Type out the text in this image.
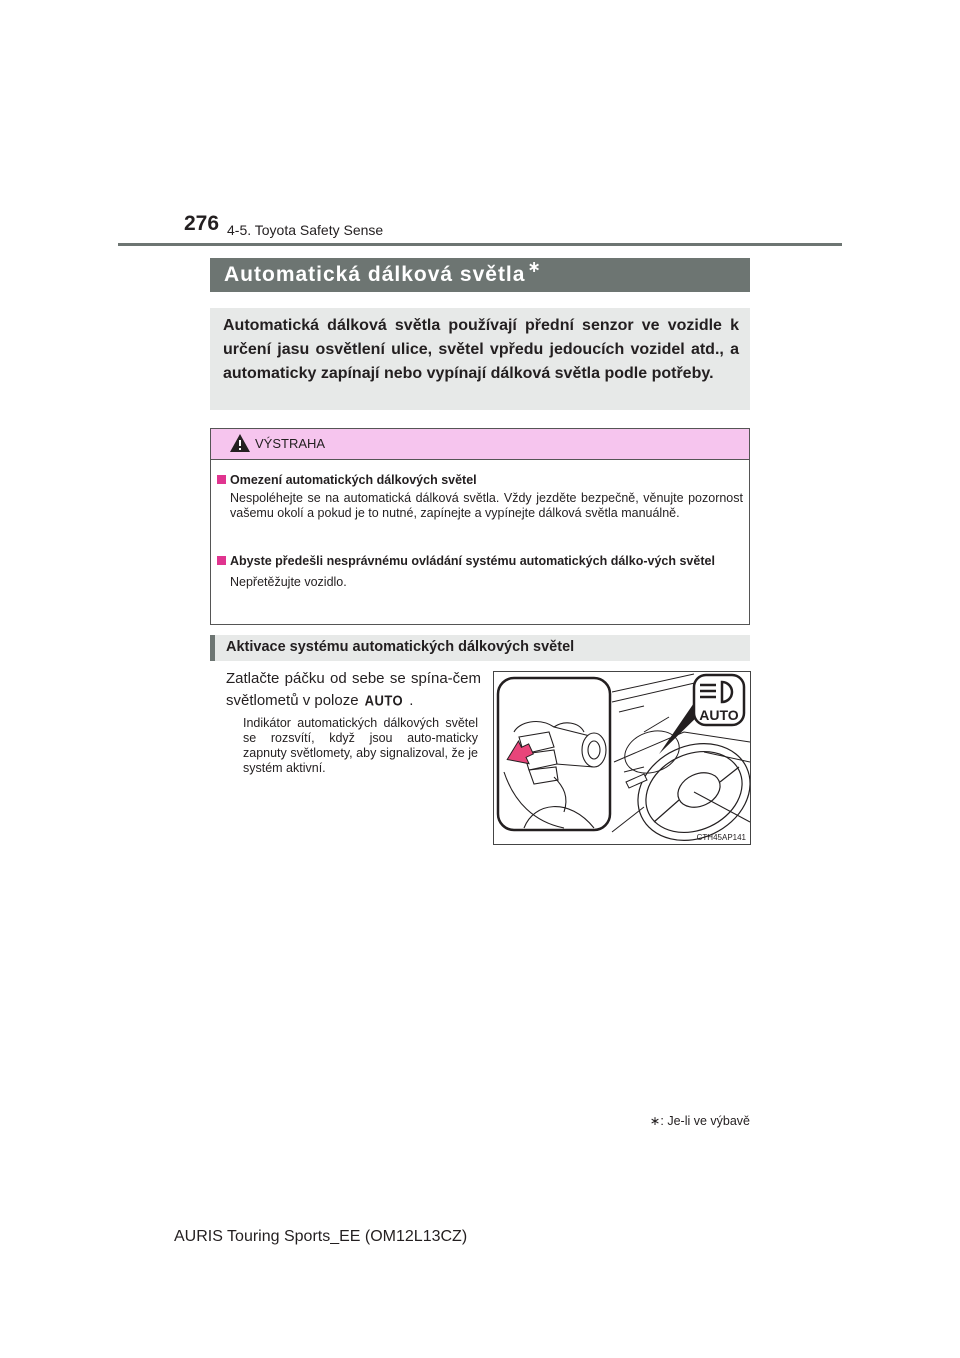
276 4-5. Toyota Safety Sense
Automatická dálková světla ∗
Automatická dálková světla používají přední senzor ve vozidle k určení jasu osvětlení ulice, světel vpředu jedoucích vozidel atd., a automaticky zapínají nebo vypínají dálková světla podle potřeby.
VÝSTRAHA
Omezení automatických dálkových světel
Nespoléhejte se na automatická dálková světla. Vždy jezděte bezpečně, věnujte pozornost vašemu okolí a pokud je to nutné, zapínejte a vypínejte dálková světla manuálně.
Abyste předešli nesprávnému ovládání systému automatických dálko-vých světel
Nepřetěžujte vozidlo.
Aktivace systému automatických dálkových světel
Zatlačte páčku od sebe se spína-čem světlometů v poloze AUTO .
Indikátor automatických dálkových světel se rozsvítí, když jsou auto-maticky zapnuty světlomety, aby signalizoval, že je systém aktivní.
AUTO
CTH45AP141
∗: Je-li ve výbavě
AURIS Touring Sports_EE (OM12L13CZ)
